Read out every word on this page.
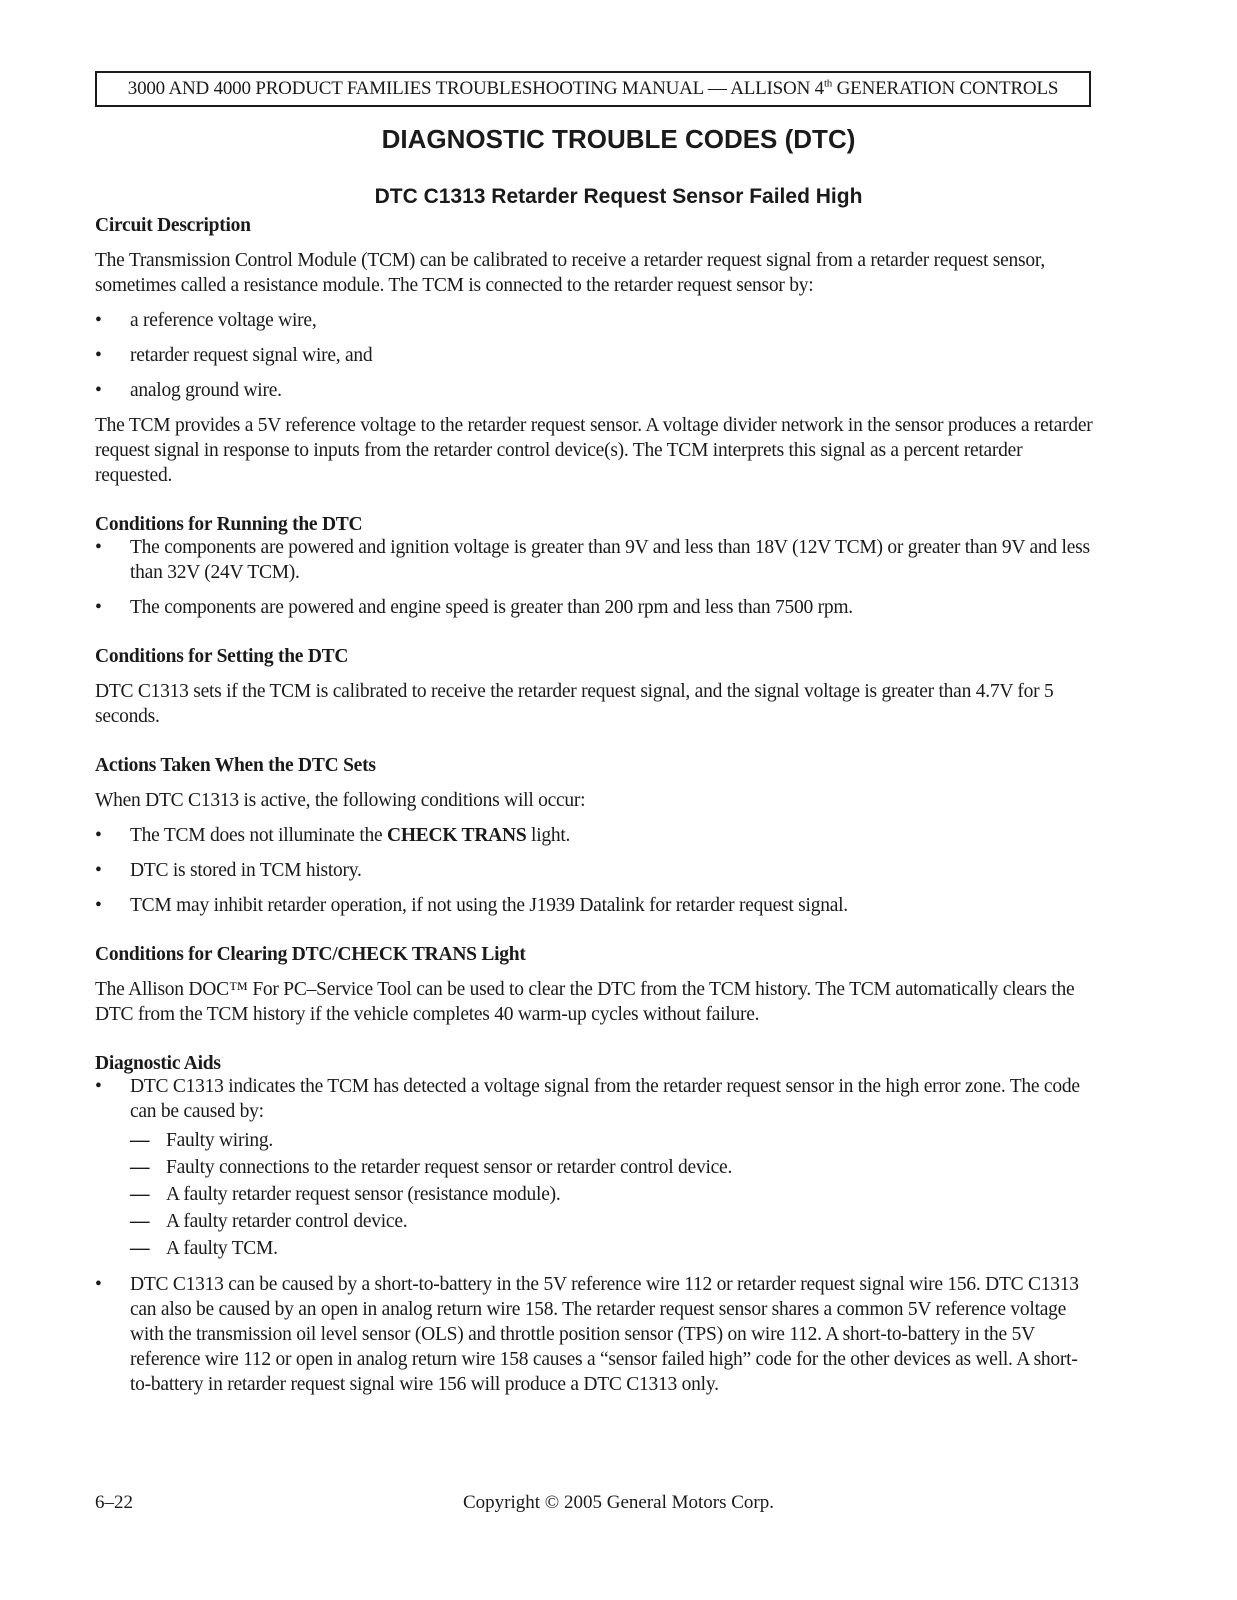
3000 AND 4000 PRODUCT FAMILIES TROUBLESHOOTING MANUAL — ALLISON 4th GENERATION CONTROLS
DIAGNOSTIC TROUBLE CODES (DTC)
DTC C1313 Retarder Request Sensor Failed High
Circuit Description

The Transmission Control Module (TCM) can be calibrated to receive a retarder request signal from a retarder request sensor, sometimes called a resistance module. The TCM is connected to the retarder request sensor by:

• a reference voltage wire,
• retarder request signal wire, and
• analog ground wire.

The TCM provides a 5V reference voltage to the retarder request sensor. A voltage divider network in the sensor produces a retarder request signal in response to inputs from the retarder control device(s). The TCM interprets this signal as a percent retarder requested.

Conditions for Running the DTC
• The components are powered and ignition voltage is greater than 9V and less than 18V (12V TCM) or greater than 9V and less than 32V (24V TCM).
• The components are powered and engine speed is greater than 200 rpm and less than 7500 rpm.
Conditions for Setting the DTC

DTC C1313 sets if the TCM is calibrated to receive the retarder request signal, and the signal voltage is greater than 4.7V for 5 seconds.

Actions Taken When the DTC Sets

When DTC C1313 is active, the following conditions will occur:

• The TCM does not illuminate the CHECK TRANS light.
• DTC is stored in TCM history.
• TCM may inhibit retarder operation, if not using the J1939 Datalink for retarder request signal.
Conditions for Clearing DTC/CHECK TRANS Light

The Allison DOC™ For PC–Service Tool can be used to clear the DTC from the TCM history. The TCM automatically clears the DTC from the TCM history if the vehicle completes 40 warm-up cycles without failure.

Diagnostic Aids
• DTC C1313 indicates the TCM has detected a voltage signal from the retarder request sensor in the high error zone. The code can be caused by:
— Faulty wiring.
— Faulty connections to the retarder request sensor or retarder control device.
— A faulty retarder request sensor (resistance module).
— A faulty retarder control device.
— A faulty TCM.
• DTC C1313 can be caused by a short-to-battery in the 5V reference wire 112 or retarder request signal wire 156. DTC C1313 can also be caused by an open in analog return wire 158. The retarder request sensor shares a common 5V reference voltage with the transmission oil level sensor (OLS) and throttle position sensor (TPS) on wire 112. A short-to-battery in the 5V reference wire 112 or open in analog return wire 158 causes a “sensor failed high” code for the other devices as well. A short-to-battery in retarder request signal wire 156 will produce a DTC C1313 only.
6–22	Copyright © 2005 General Motors Corp.
